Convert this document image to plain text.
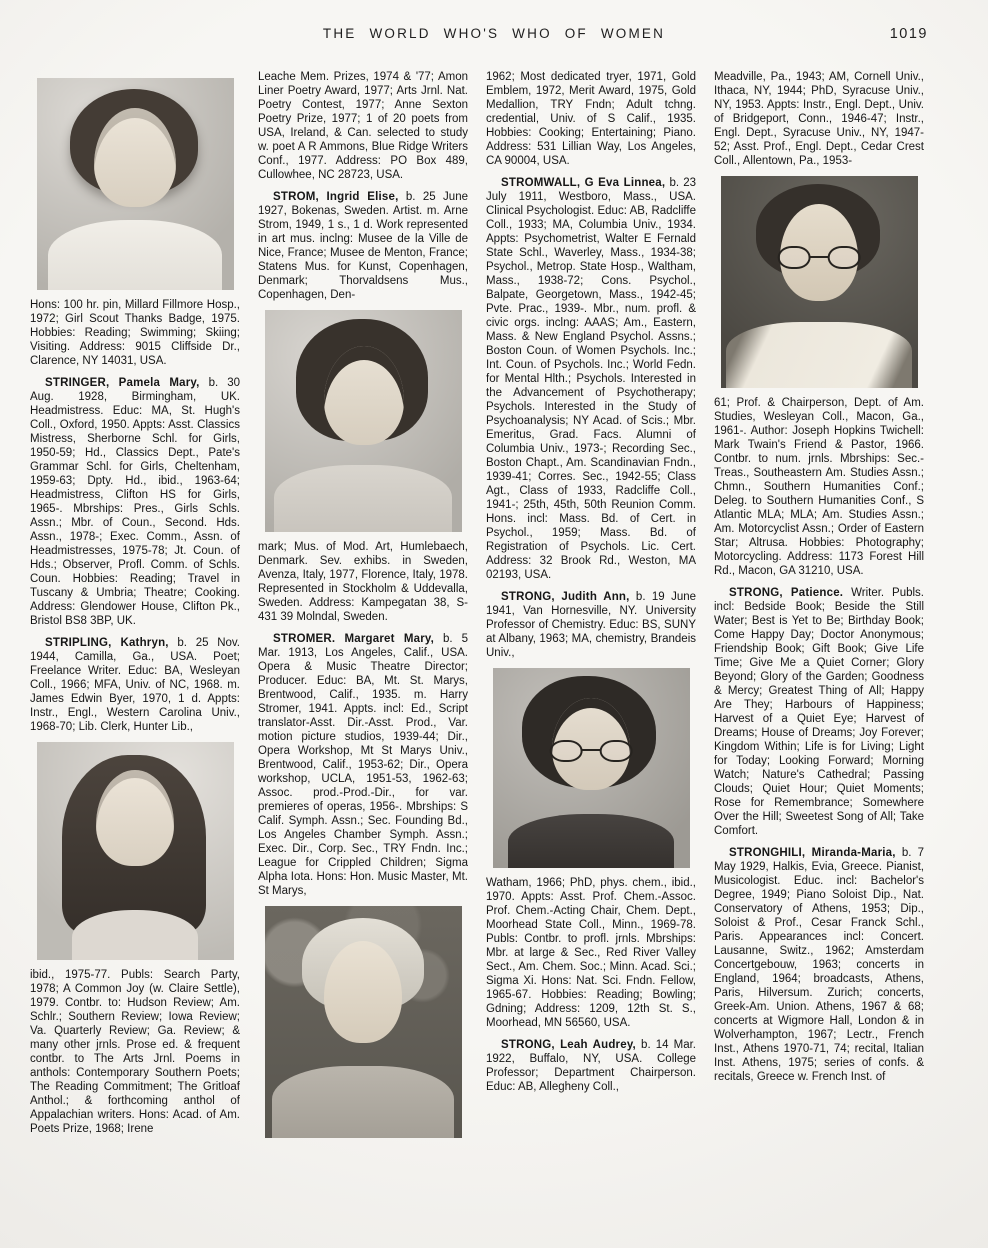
THE WORLD WHO'S WHO OF WOMEN	1019

Hons: 100 hr. pin, Millard Fillmore Hosp., 1972; Girl Scout Thanks Badge, 1975. Hobbies: Reading; Swimming; Skiing; Visiting. Address: 9015 Cliffside Dr., Clarence, NY 14031, USA.

STRINGER, Pamela Mary, b. 30 Aug. 1928, Birmingham, UK. Headmistress. Educ: MA, St. Hugh's Coll., Oxford, 1950. Appts: Asst. Classics Mistress, Sherborne Schl. for Girls, 1950-59; Hd., Classics Dept., Pate's Grammar Schl. for Girls, Cheltenham, 1959-63; Dpty. Hd., ibid., 1963-64; Headmistress, Clifton HS for Girls, 1965-. Mbrships: Pres., Girls Schls. Assn.; Mbr. of Coun., Second. Hds. Assn., 1978-; Exec. Comm., Assn. of Headmistresses, 1975-78; Jt. Coun. of Hds.; Observer, Profl. Comm. of Schls. Coun. Hobbies: Reading; Travel in Tuscany & Umbria; Theatre; Cooking. Address: Glendower House, Clifton Pk., Bristol BS8 3BP, UK.

STRIPLING, Kathryn, b. 25 Nov. 1944, Camilla, Ga., USA. Poet; Freelance Writer. Educ: BA, Wesleyan Coll., 1966; MFA, Univ. of NC, 1968. m. James Edwin Byer, 1970, 1 d. Appts: Instr., Engl., Western Carolina Univ., 1968-70; Lib. Clerk, Hunter Lib.,

ibid., 1975-77. Publs: Search Party, 1978; A Common Joy (w. Claire Settle), 1979. Contbr. to: Hudson Review; Am. Schlr.; Southern Review; Iowa Review; Va. Quarterly Review; Ga. Review; & many other jrnls. Prose ed. & frequent contbr. to The Arts Jrnl. Poems in anthols: Contemporary Southern Poets; The Reading Commitment; The Gritloaf Anthol.; & forthcoming anthol of Appalachian writers. Hons: Acad. of Am. Poets Prize, 1968; Irene

Leache Mem. Prizes, 1974 & '77; Amon Liner Poetry Award, 1977; Arts Jrnl. Nat. Poetry Contest, 1977; Anne Sexton Poetry Prize, 1977; 1 of 20 poets from USA, Ireland, & Can. selected to study w. poet A R Ammons, Blue Ridge Writers Conf., 1977. Address: PO Box 489, Cullowhee, NC 28723, USA.

STROM, Ingrid Elise, b. 25 June 1927, Bokenas, Sweden. Artist. m. Arne Strom, 1949, 1 s., 1 d. Work represented in art mus. inclng: Musee de la Ville de Nice, France; Musee de Menton, France; Statens Mus. for Kunst, Copenhagen, Denmark; Thorvaldsens Mus., Copenhagen, Den-

mark; Mus. of Mod. Art, Humlebaech, Denmark. Sev. exhibs. in Sweden, Avenza, Italy, 1977, Florence, Italy, 1978. Represented in Stockholm & Uddevalla, Sweden. Address: Kampegatan 38, S-431 39 Molndal, Sweden.

STROMER. Margaret Mary, b. 5 Mar. 1913, Los Angeles, Calif., USA. Opera & Music Theatre Director; Producer. Educ: BA, Mt. St. Marys, Brentwood, Calif., 1935. m. Harry Stromer, 1941. Appts. incl: Ed., Script translator-Asst. Dir.-Asst. Prod., Var. motion picture studios, 1939-44; Dir., Opera Workshop, Mt St Marys Univ., Brentwood, Calif., 1953-62; Dir., Opera workshop, UCLA, 1951-53, 1962-63; Assoc. prod.-Prod.-Dir., for var. premieres of operas, 1956-. Mbrships: S Calif. Symph. Assn.; Sec. Founding Bd., Los Angeles Chamber Symph. Assn.; Exec. Dir., Corp. Sec., TRY Fndn. Inc.; League for Crippled Children; Sigma Alpha Iota. Hons: Hon. Music Master, Mt. St Marys,

1962; Most dedicated tryer, 1971, Gold Emblem, 1972, Merit Award, 1975, Gold Medallion, TRY Fndn; Adult tchng. credential, Univ. of S Calif., 1935. Hobbies: Cooking; Entertaining; Piano. Address: 531 Lillian Way, Los Angeles, CA 90004, USA.

STROMWALL, G Eva Linnea, b. 23 July 1911, Westboro, Mass., USA. Clinical Psychologist. Educ: AB, Radcliffe Coll., 1933; MA, Columbia Univ., 1934. Appts: Psychometrist, Walter E Fernald State Schl., Waverley, Mass., 1934-38; Psychol., Metrop. State Hosp., Waltham, Mass., 1938-72; Cons. Psychol., Balpate, Georgetown, Mass., 1942-45; Pvte. Prac., 1939-. Mbr., num. profl. & civic orgs. inclng: AAAS; Am., Eastern, Mass. & New England Psychol. Assns.; Boston Coun. of Women Psychols. Inc.; Int. Coun. of Psychols. Inc.; World Fedn. for Mental Hlth.; Psychols. Interested in the Advancement of Psychotherapy; Psychols. Interested in the Study of Psychoanalysis; NY Acad. of Scis.; Mbr. Emeritus, Grad. Facs. Alumni of Columbia Univ., 1973-; Recording Sec., Boston Chapt., Am. Scandinavian Fndn., 1939-41; Corres. Sec., 1942-55; Class Agt., Class of 1933, Radcliffe Coll., 1941-; 25th, 45th, 50th Reunion Comm. Hons. incl: Mass. Bd. of Cert. in Psychol., 1959; Mass. Bd. of Registration of Psychols. Lic. Cert. Address: 32 Brook Rd., Weston, MA 02193, USA.

STRONG, Judith Ann, b. 19 June 1941, Van Hornesville, NY. University Professor of Chemistry. Educ: BS, SUNY at Albany, 1963; MA, chemistry, Brandeis Univ.,

Watham, 1966; PhD, phys. chem., ibid., 1970. Appts: Asst. Prof. Chem.-Assoc. Prof. Chem.-Acting Chair, Chem. Dept., Moorhead State Coll., Minn., 1969-78. Publs: Contbr. to profl. jrnls. Mbrships: Mbr. at large & Sec., Red River Valley Sect., Am. Chem. Soc.; Minn. Acad. Sci.; Sigma Xi. Hons: Nat. Sci. Fndn. Fellow, 1965-67. Hobbies: Reading; Bowling; Gdning; Address: 1209, 12th St. S., Moorhead, MN 56560, USA.

STRONG, Leah Audrey, b. 14 Mar. 1922, Buffalo, NY, USA. College Professor; Department Chairperson. Educ: AB, Allegheny Coll.,

Meadville, Pa., 1943; AM, Cornell Univ., Ithaca, NY, 1944; PhD, Syracuse Univ., NY, 1953. Appts: Instr., Engl. Dept., Univ. of Bridgeport, Conn., 1946-47; Instr., Engl. Dept., Syracuse Univ., NY, 1947-52; Asst. Prof., Engl. Dept., Cedar Crest Coll., Allentown, Pa., 1953-

61; Prof. & Chairperson, Dept. of Am. Studies, Wesleyan Coll., Macon, Ga., 1961-. Author: Joseph Hopkins Twichell: Mark Twain's Friend & Pastor, 1966. Contbr. to num. jrnls. Mbrships: Sec.-Treas., Southeastern Am. Studies Assn.; Chmn., Southern Humanities Conf.; Deleg. to Southern Humanities Conf., S Atlantic MLA; MLA; Am. Studies Assn.; Am. Motorcyclist Assn.; Order of Eastern Star; Altrusa. Hobbies: Photography; Motorcycling. Address: 1173 Forest Hill Rd., Macon, GA 31210, USA.

STRONG, Patience. Writer. Publs. incl: Bedside Book; Beside the Still Water; Best is Yet to Be; Birthday Book; Come Happy Day; Doctor Anonymous; Friendship Book; Gift Book; Give Life Time; Give Me a Quiet Corner; Glory Beyond; Glory of the Garden; Goodness & Mercy; Greatest Thing of All; Happy Are They; Harbours of Happiness; Harvest of a Quiet Eye; Harvest of Dreams; House of Dreams; Joy Forever; Kingdom Within; Life is for Living; Light for Today; Looking Forward; Morning Watch; Nature's Cathedral; Passing Clouds; Quiet Hour; Quiet Moments; Rose for Remembrance; Somewhere Over the Hill; Sweetest Song of All; Take Comfort.

STRONGHILI, Miranda-Maria, b. 7 May 1929, Halkis, Evia, Greece. Pianist, Musicologist. Educ. incl: Bachelor's Degree, 1949; Piano Soloist Dip., Nat. Conservatory of Athens, 1953; Dip., Soloist & Prof., Cesar Franck Schl., Paris. Appearances incl: Concert. Lausanne, Switz., 1962; Amsterdam Concertgebouw, 1963; concerts in England, 1964; broadcasts, Athens, Paris, Hilversum. Zurich; concerts, Greek-Am. Union. Athens, 1967 & 68; concerts at Wigmore Hall, London & in Wolverhampton, 1967; Lectr., French Inst., Athens 1970-71, 74; recital, Italian Inst. Athens, 1975; series of confs. & recitals, Greece w. French Inst. of
